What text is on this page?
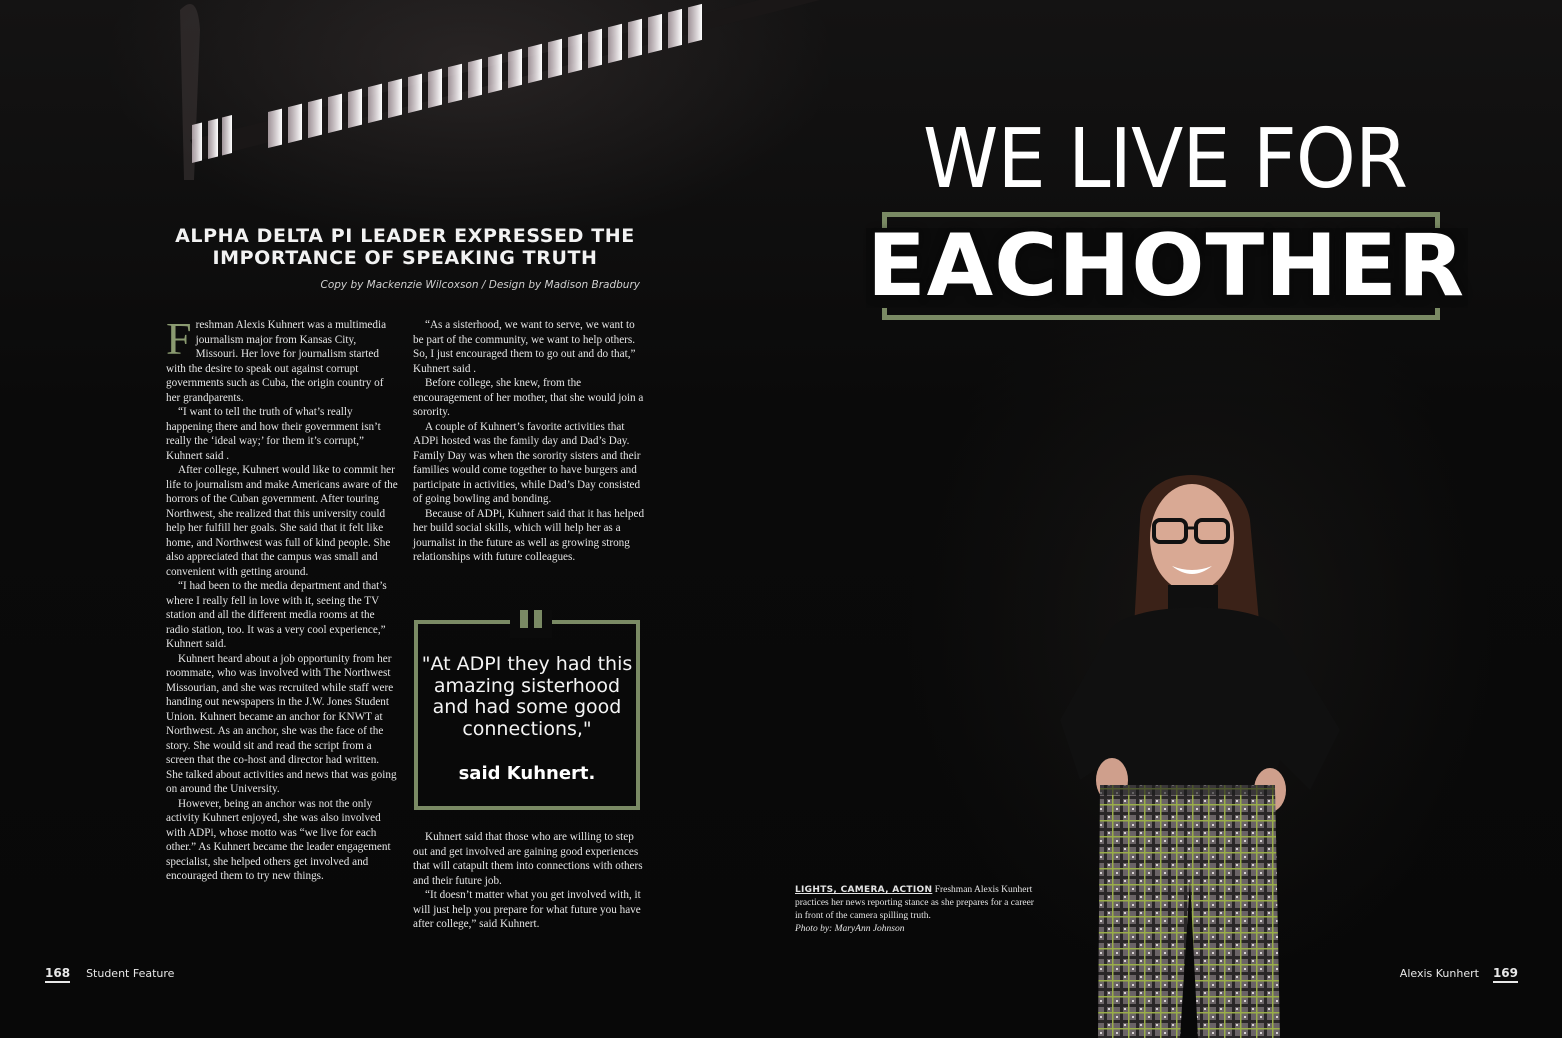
ALPHA DELTA PI LEADER EXPRESSED THE
IMPORTANCE OF SPEAKING TRUTH

Copy by Mackenzie Wilcoxson / Design by Madison Bradbury

Freshman Alexis Kuhnert was a multimedia journalism major from Kansas City, Missouri. Her love for journalism started with the desire to speak out against corrupt governments such as Cuba, the origin country of her grandparents.

“I want to tell the truth of what’s really happening there and how their government isn’t really the ‘ideal way;’ for them it’s corrupt,” Kuhnert said .

After college, Kuhnert would like to commit her life to journalism and make Americans aware of the horrors of the Cuban government. After touring Northwest, she realized that this university could help her fulfill her goals. She said that it felt like home, and Northwest was full of kind people. She also appreciated that the campus was small and convenient with getting around.

“I had been to the media department and that’s where I really fell in love with it, seeing the TV station and all the different media rooms at the radio station, too. It was a very cool experience,” Kuhnert said.

Kuhnert heard about a job opportunity from her roommate, who was involved with The Northwest Missourian, and she was recruited while staff were handing out newspapers in the J.W. Jones Student Union. Kuhnert became an anchor for KNWT at Northwest. As an anchor, she was the face of the story. She would sit and read the script from a screen that the co-host and director had written. She talked about activities and news that was going on around the University.

However, being an anchor was not the only activity Kuhnert enjoyed, she was also involved with ADPi, whose motto was “we live for each other.” As Kuhnert became the leader engagement specialist, she helped others get involved and encouraged them to try new things.

“As a sisterhood, we want to serve, we want to be part of the community, we want to help others. So, I just encouraged them to go out and do that,” Kuhnert said .

Before college, she knew, from the encouragement of her mother, that she would join a sorority.

A couple of Kuhnert’s favorite activities that ADPi hosted was the family day and Dad’s Day. Family Day was when the sorority sisters and their families would come together to have burgers and participate in activities, while Dad’s Day consisted of going bowling and bonding.

Because of ADPi, Kuhnert said that it has helped her build social skills, which will help her as a journalist in the future as well as growing strong relationships with future colleagues.

"At ADPI they had this amazing sisterhood and had some good connections,"
said Kuhnert.

Kuhnert said that those who are willing to step out and get involved are gaining good experiences that will catapult them into connections with others and their future job.

“It doesn’t matter what you get involved with, it will just help you prepare for what future you have after college,” said Kuhnert.

168 Student Feature
WE LIVE FOR
EACHOTHER
LIGHTS, CAMERA, ACTION Freshman Alexis Kunhert practices her news reporting stance as she prepares for a career in front of the camera spilling truth.
Photo by: MaryAnn Johnson
Alexis Kunhert 169
